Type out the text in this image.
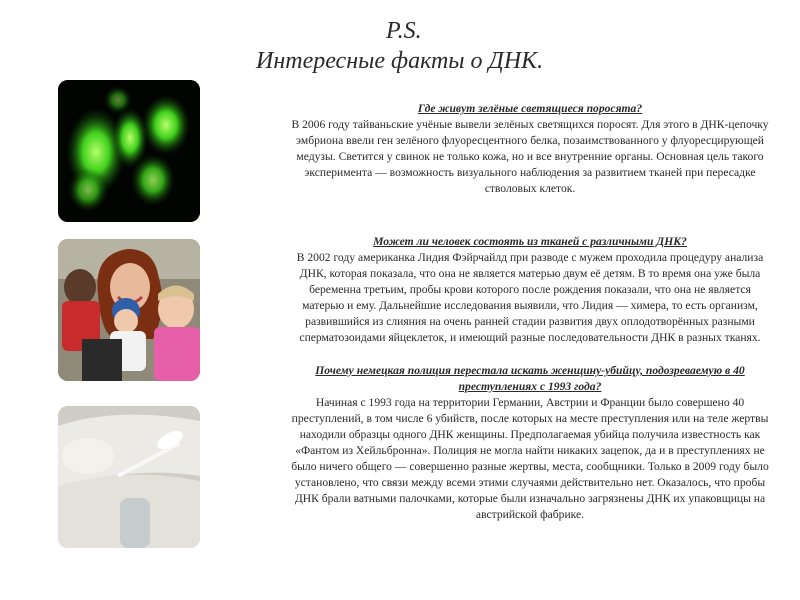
P.S.
Интересные факты о ДНК.

Где живут зелёные светящиеся поросята?

В 2006 году тайваньские учёные вывели зелёных светящихся поросят. Для этого в ДНК-цепочку эмбриона ввели ген зелёного флуоресцентного белка, позаимствованного у флуоресцирующей медузы. Светится у свинок не только кожа, но и все внутренние органы. Основная цель такого эксперимента — возможность визуального наблюдения за развитием тканей при пересадке стволовых клеток.

Может ли человек состоять из тканей с различными ДНК?

В 2002 году американка Лидия Фэйрчайлд при разводе с мужем проходила процедуру анализа ДНК, которая показала, что она не является матерью двум её детям. В то время она уже была беременна третьим, пробы крови которого после рождения показали, что она не является матерью и ему. Дальнейшие исследования выявили, что Лидия — химера, то есть организм, развившийся из слияния на очень ранней стадии развития двух оплодотворённых разными сперматозоидами яйцеклеток, и имеющий разные последовательности ДНК в разных тканях.

Почему немецкая полиция перестала искать женщину-убийцу, подозреваемую в 40 преступлениях с 1993 года?

Начиная с 1993 года на территории Германии, Австрии и Франции было совершено 40 преступлений, в том числе 6 убийств, после которых на месте преступления или на теле жертвы находили образцы одного ДНК женщины. Предполагаемая убийца получила известность как «Фантом из Хейльбронна». Полиция не могла найти никаких зацепок, да и в преступлениях не было ничего общего — совершенно разные жертвы, места, сообщники. Только в 2009 году было установлено, что связи между всеми этими случаями действительно нет. Оказалось, что пробы ДНК брали ватными палочками, которые были изначально загрязнены ДНК их упаковщицы на австрийской фабрике.
